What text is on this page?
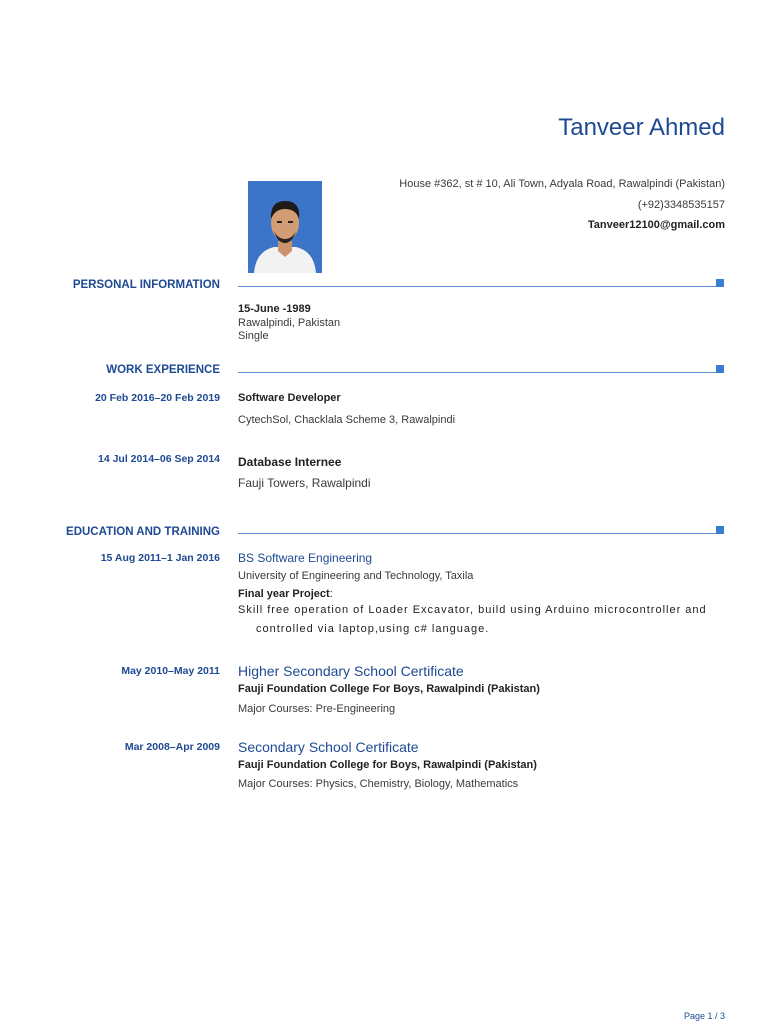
Tanveer Ahmed
House #362, st # 10, Ali Town, Adyala Road, Rawalpindi (Pakistan)
(+92)3348535157
Tanveer12100@gmail.com
PERSONAL INFORMATION
15-June -1989
Rawalpindi, Pakistan
Single
WORK EXPERIENCE
20 Feb 2016–20 Feb 2019 Software Developer
CytechSol, Chacklala Scheme 3, Rawalpindi
14 Jul 2014–06 Sep 2014 Database Internee
Fauji Towers, Rawalpindi
EDUCATION AND TRAINING
15 Aug 2011–1 Jan 2016 BS Software Engineering
University of Engineering and Technology, Taxila
Final year Project:
Skill free operation of Loader Excavator, build using Arduino microcontroller and
controlled via laptop,using c# language.
May 2010–May 2011 Higher Secondary School Certificate
Fauji Foundation College For Boys, Rawalpindi (Pakistan)
Major Courses: Pre-Engineering
Mar 2008–Apr 2009 Secondary School Certificate
Fauji Foundation College for Boys, Rawalpindi (Pakistan)
Major Courses: Physics, Chemistry, Biology, Mathematics
Page 1 / 3
